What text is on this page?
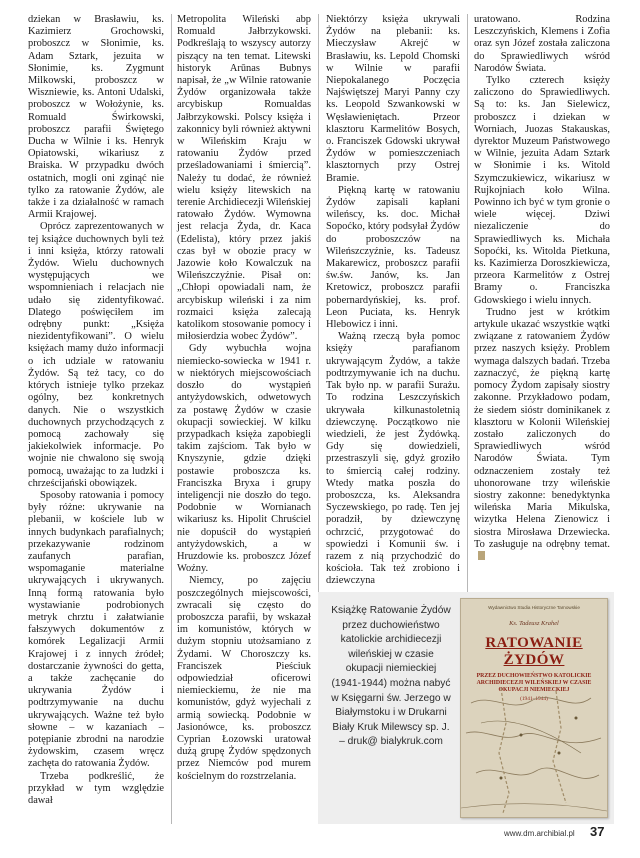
dziekan w Brasławiu, ks. Kazimierz Grochowski, proboszcz w Słonimie, ks. Adam Sztark, jezuita w Słonimie, ks. Zygmunt Milkowski, proboszcz w Wiszniewie, ks. Antoni Udalski, proboszcz w Wołożynie, ks. Romuald Świrkowski, proboszcz parafii Świętego Ducha w Wilnie i ks. Henryk Opiatowski, wikariusz z Braiska. W przypadku dwóch ostatnich, mogli oni zginąć nie tylko za ratowanie Żydów, ale także i za działalność w ramach Armii Krajowej.

Oprócz zaprezentowanych w tej książce duchownych byli też i inni księża, którzy ratowali Żydów. Wielu duchownych występujących we wspomnieniach i relacjach nie udało się zidentyfikować. Dlatego poświęciłem im odrębny punkt: „Księża niezidentyfikowani”. O wielu księżach mamy dużo informacji o ich udziale w ratowaniu Żydów. Są też tacy, co do których istnieje tylko przekaz ogólny, bez konkretnych danych. Nie o wszystkich duchownych przychodzących z pomocą zachowały się jakiekolwiek informacje. Po wojnie nie chwalono się swoją pomocą, uważając to za ludzki i chrześcijański obowiązek.

Sposoby ratowania i pomocy były różne: ukrywanie na plebanii, w kościele lub w innych budynkach parafialnych; przekazywanie rodzinom zaufanych parafian, wspomaganie materialne ukrywających i ukrywanych. Inną formą ratowania było wystawianie podrobionych metryk chrztu i załatwianie fałszywych dokumentów z komórek Legalizacji Armii Krajowej i z innych źródeł; dostarczanie żywności do getta, a także zachęcanie do ukrywania Żydów i podtrzymywanie na duchu ukrywających. Ważne też było słowne – w kazaniach – potępianie zbrodni na narodzie żydowskim, czasem wręcz zachęta do ratowania Żydów.

Trzeba podkreślić, że przykład w tym względzie dawał

Metropolita Wileński abp Romuald Jałbrzykowski. Podkreślają to wszyscy autorzy piszący na ten temat. Litewski historyk Arūnas Bubnys napisał, że „w Wilnie ratowanie Żydów organizowała także arcybiskup Romualdas Jałbrzykowski. Polscy księża i zakonnicy byli również aktywni w Wileńskim Kraju w ratowaniu Żydów przed prześladowaniami i śmiercią”. Należy tu dodać, że również wielu księży litewskich na terenie Archidiecezji Wileńskiej ratowało Żydów. Wymowna jest relacja Żyda, dr. Kaca (Edelista), który przez jakiś czas był w obozie pracy w Jazowie koło Kowalczuk na Wileńszczyźnie. Pisał on: „Chłopi opowiadali nam, że arcybiskup wileński i za nim rozmaici księża zalecają katolikom stosowanie pomocy i miłosierdzia wobec Żydów”.

Gdy wybuchła wojna niemiecko-sowiecka w 1941 r. w niektórych miejscowościach doszło do wystąpień antyżydowskich, odwetowych za postawę Żydów w czasie okupacji sowieckiej. W kilku przypadkach księża zapobiegli takim zajściom. Tak było w Knyszynie, gdzie dzięki postawie proboszcza ks. Franciszka Bryxa i grupy inteligencji nie doszło do tego. Podobnie w Wornianach wikariusz ks. Hipolit Chruściel nie dopuścił do wystąpień antyżydowskich, a w Hruzdowie ks. proboszcz Józef Woźny.

Niemcy, po zajęciu poszczególnych miejscowości, zwracali się często do proboszcza parafii, by wskazał im komunistów, których w dużym stopniu utożsamiano z Żydami. W Choroszczy ks. Franciszek Pieściuk odpowiedział oficerowi niemieckiemu, że nie ma komunistów, gdyż wyjechali z armią sowiecką. Podobnie w Jasionówce, ks. proboszcz Cyprian Łozowski uratował dużą grupę Żydów spędzonych przez Niemców pod murem kościelnym do rozstrzelania.

Niektórzy księża ukrywali Żydów na plebanii: ks. Mieczysław Akrejć w Brasławiu, ks. Lepold Chomski w Wilnie w parafii Niepokalanego Poczęcia Najświętszej Maryi Panny czy ks. Leopold Szwankowski w Węsławieniętach. Przeor klasztoru Karmelitów Bosych, o. Franciszek Gdowski ukrywał Żydów w pomieszczeniach klasztornych przy Ostrej Bramie.

Piękną kartę w ratowaniu Żydów zapisali kapłani wileńscy, ks. doc. Michał Sopoćko, który podsyłał Żydów do proboszczów na Wileńszczyźnie, ks. Tadeusz Makarewicz, proboszcz parafii św.św. Janów, ks. Jan Kretowicz, proboszcz parafii pobernardyńskiej, ks. prof. Leon Puciata, ks. Henryk Hlebowicz i inni.

Ważną rzeczą była pomoc księży parafianom ukrywającym Żydów, a także podtrzymywanie ich na duchu. Tak było np. w parafii Surażu. To rodzina Leszczyńskich ukrywała kilkunastoletnią dziewczynę. Początkowo nie wiedzieli, że jest Żydówką. Gdy się dowiedzieli, przestraszyli się, gdyż groziło to śmiercią całej rodziny. Wtedy matka poszła do proboszcza, ks. Aleksandra Syczewskiego, po radę. Ten jej poradził, by dziewczynę ochrzcić, przygotować do spowiedzi i Komunii św. i razem z nią przychodzić do kościoła. Tak też zrobiono i dziewczyna

uratowano. Rodzina Leszczyńskich, Klemens i Zofia oraz syn Józef została zaliczona do Sprawiedliwych wśród Narodów Świata.

Tylko czterech księży zaliczono do Sprawiedliwych. Są to: ks. Jan Sielewicz, proboszcz i dziekan w Worniach, Juozas Stakauskas, dyrektor Muzeum Państwowego w Wilnie, jezuita Adam Sztark w Słonimie i ks. Witold Szymczukiewicz, wikariusz w Rujkojniach koło Wilna. Powinno ich być w tym gronie o wiele więcej. Dziwi niezaliczenie do Sprawiedliwych ks. Michała Sopoćki, ks. Witolda Pietkuna, ks. Kazimierza Doroszkiewicza, przeora Karmelitów z Ostrej Bramy o. Franciszka Gdowskiego i wielu innych.

Trudno jest w krótkim artykule ukazać wszystkie wątki związane z ratowaniem Żydów przez naszych księży. Problem wymaga dalszych badań. Trzeba zaznaczyć, że piękną kartę pomocy Żydom zapisały siostry zakonne. Przykładowo podam, że siedem sióstr dominikanek z klasztoru w Kolonii Wileńskiej zostało zaliczonych do Sprawiedliwych wśród Narodów Świata. Tym odznaczeniem zostały też uhonorowane trzy wileńskie siostry zakonne: benedyktynka wileńska Maria Mikulska, wizytka Helena Zienowicz i siostra Mirosława Drzewiecka. To zasługuje na odrębny temat.

Książkę Ratowanie Żydów przez duchowieństwo katolickie archidiecezji wileńskiej w czasie okupacji niemieckiej (1941-1944) można nabyć w Księgarni św. Jerzego w Białymstoku i w Drukarni Biały Kruk Milewscy sp. J. – druk@ bialykruk.com
Wydawnictwo Studia Historyczne Tarnowskie
Ks. Tadeusz Krahel
RATOWANIE ŻYDÓW
PRZEZ DUCHOWIEŃSTWO KATOLICKIE ARCHIDIECEZJI WILEŃSKIEJ W CZASIE OKUPACJI NIEMIECKIEJ
(1941–1944)
www.dm.archibial.pl 37
